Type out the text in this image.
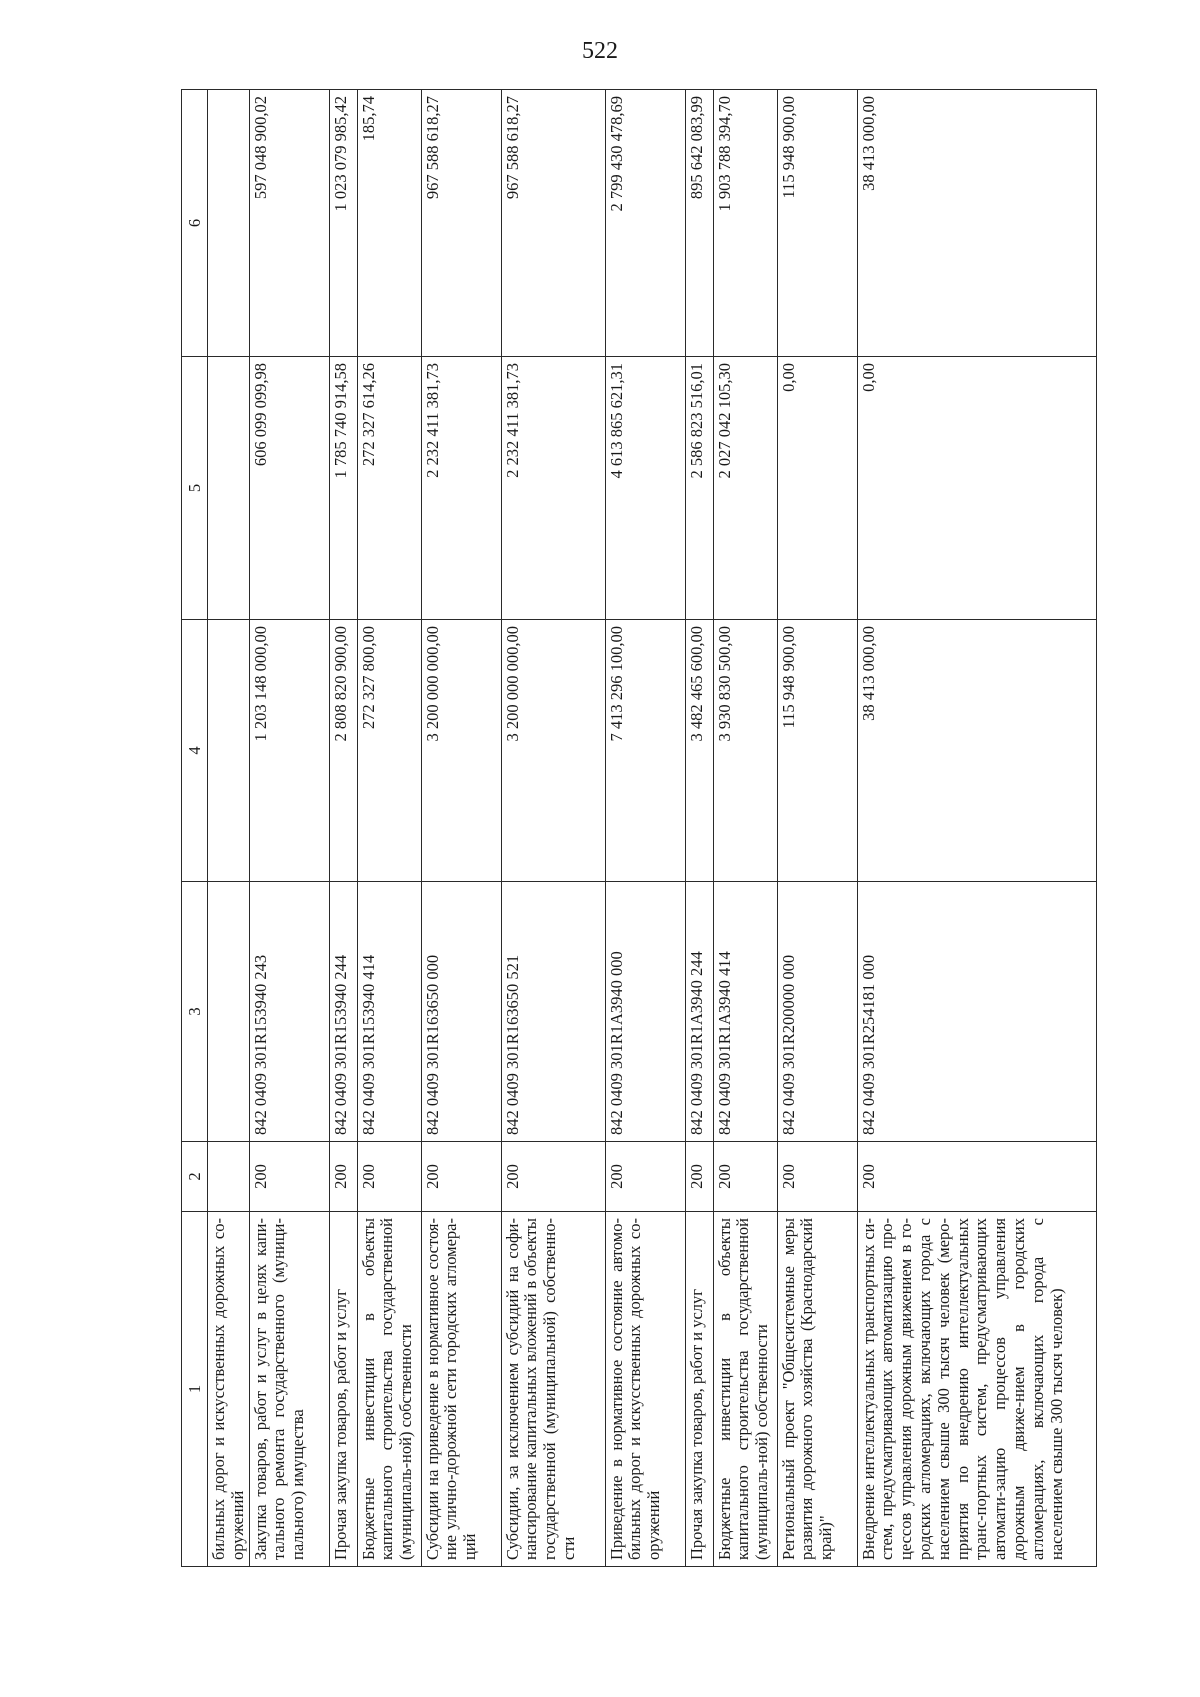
522
1	2	3	4	5	6
бильных дорог и искусственных дорожных со-оружений					
Закупка товаров, работ и услуг в целях капи-тального ремонта государственного (муници-пального) имущества	200	842 0409 301R153940 243	1 203 148 000,00	606 099 099,98	597 048 900,02
Прочая закупка товаров, работ и услуг	200	842 0409 301R153940 244	2 808 820 900,00	1 785 740 914,58	1 023 079 985,42
Бюджетные инвестиции в объекты капитального строительства государственной (муниципаль-ной) собственности	200	842 0409 301R153940 414	272 327 800,00	272 327 614,26	185,74
Субсидии на приведение в нормативное состоя-ние улично-дорожной сети городских агломера-ций	200	842 0409 301R163650 000	3 200 000 000,00	2 232 411 381,73	967 588 618,27
Субсидии, за исключением субсидий на софи-нансирование капитальных вложений в объекты государственной (муниципальной) собственно-сти	200	842 0409 301R163650 521	3 200 000 000,00	2 232 411 381,73	967 588 618,27
Приведение в нормативное состояние автомо-бильных дорог и искусственных дорожных со-оружений	200	842 0409 301R1A3940 000	7 413 296 100,00	4 613 865 621,31	2 799 430 478,69
Прочая закупка товаров, работ и услуг	200	842 0409 301R1A3940 244	3 482 465 600,00	2 586 823 516,01	895 642 083,99
Бюджетные инвестиции в объекты капитального строительства государственной (муниципаль-ной) собственности	200	842 0409 301R1A3940 414	3 930 830 500,00	2 027 042 105,30	1 903 788 394,70
Региональный проект "Общесистемные меры развития дорожного хозяйства (Краснодарский край)"	200	842 0409 301R200000 000	115 948 900,00	0,00	115 948 900,00
Внедрение интеллектуальных транспортных си-стем, предусматривающих автоматизацию про-цессов управления дорожным движением в го-родских агломерациях, включающих города с населением свыше 300 тысяч человек (меро-приятия по внедрению интеллектуальных транс-портных систем, предусматривающих автомати-зацию процессов управления дорожным движе-нием в городских агломерациях, включающих города с населением свыше 300 тысяч человек)	200	842 0409 301R254181 000	38 413 000,00	0,00	38 413 000,00
